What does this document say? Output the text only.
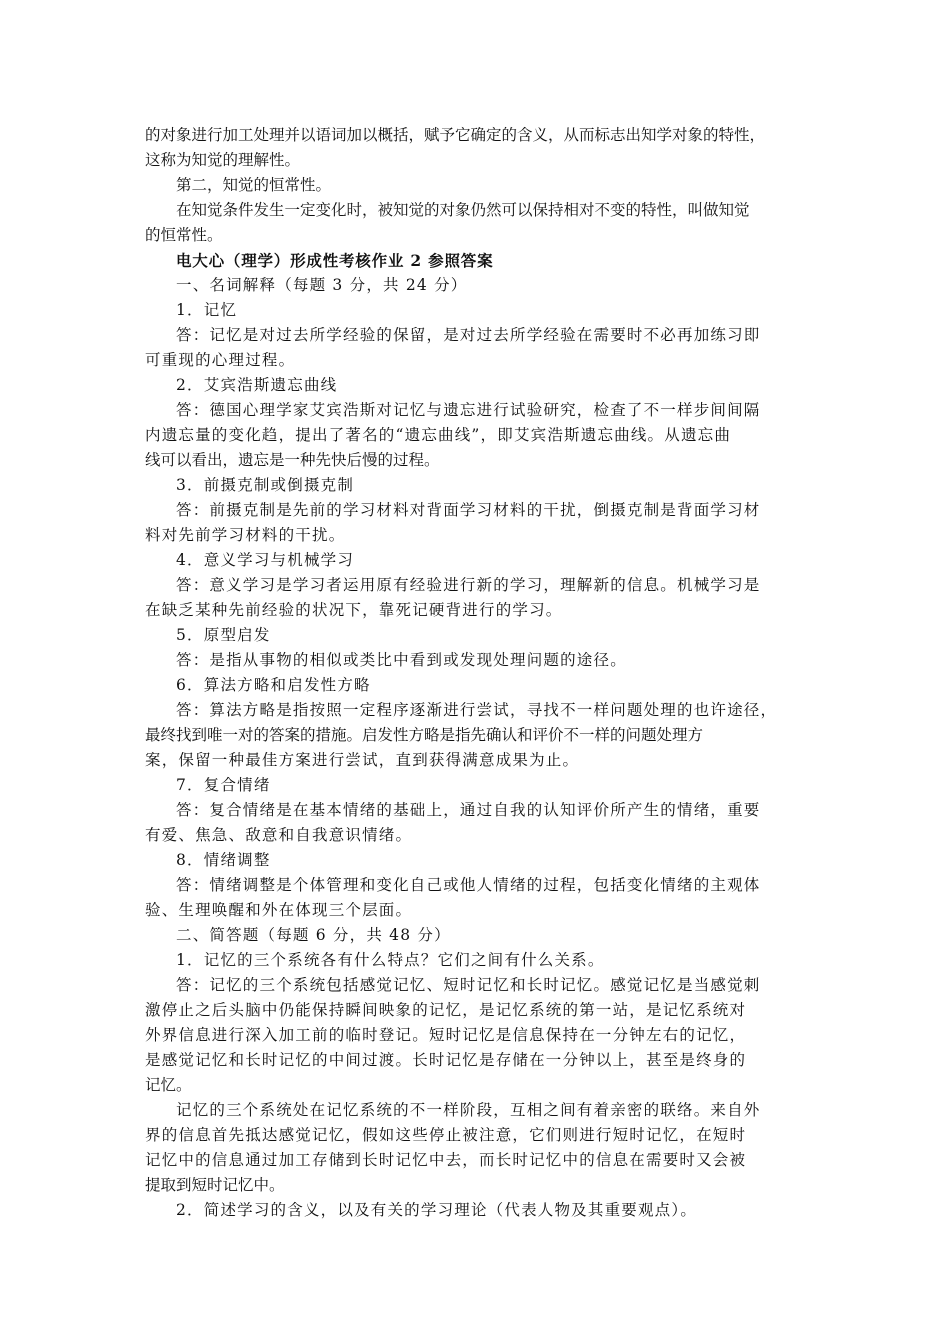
的对象进行加工处理并以语词加以概括，赋予它确定的含义，从而标志出知学对象的特性，
这称为知觉的理解性。
第二，知觉的恒常性。
在知觉条件发生一定变化时，被知觉的对象仍然可以保持相对不变的特性，叫做知觉
的恒常性。
电大心（理学）形成性考核作业 2 参照答案
一、名词解释（每题 3 分，共 24 分）
1．记忆
答：记忆是对过去所学经验的保留，是对过去所学经验在需要时不必再加练习即
可重现的心理过程。
2．艾宾浩斯遗忘曲线
答：德国心理学家艾宾浩斯对记忆与遗忘进行试验研究，检查了不一样步间间隔
内遗忘量的变化趋，提出了著名的“遗忘曲线”，即艾宾浩斯遗忘曲线。从遗忘曲
线可以看出，遗忘是一种先快后慢的过程。
3．前摄克制或倒摄克制
答：前摄克制是先前的学习材料对背面学习材料的干扰，倒摄克制是背面学习材
料对先前学习材料的干扰。
4．意义学习与机械学习
答：意义学习是学习者运用原有经验进行新的学习，理解新的信息。机械学习是
在缺乏某种先前经验的状况下，靠死记硬背进行的学习。
5．原型启发
答：是指从事物的相似或类比中看到或发现处理问题的途径。
6．算法方略和启发性方略
答：算法方略是指按照一定程序逐渐进行尝试，寻找不一样问题处理的也许途径，
最终找到唯一对的答案的措施。启发性方略是指先确认和评价不一样的问题处理方
案，保留一种最佳方案进行尝试，直到获得满意成果为止。
7．复合情绪
答：复合情绪是在基本情绪的基础上，通过自我的认知评价所产生的情绪，重要
有爱、焦急、敌意和自我意识情绪。
8．情绪调整
答：情绪调整是个体管理和变化自己或他人情绪的过程，包括变化情绪的主观体
验、生理唤醒和外在体现三个层面。
二、简答题（每题 6 分，共 48 分）
1．记忆的三个系统各有什么特点？它们之间有什么关系。
答：记忆的三个系统包括感觉记忆、短时记忆和长时记忆。感觉记忆是当感觉刺
激停止之后头脑中仍能保持瞬间映象的记忆，是记忆系统的第一站，是记忆系统对
外界信息进行深入加工前的临时登记。短时记忆是信息保持在一分钟左右的记忆，
是感觉记忆和长时记忆的中间过渡。长时记忆是存储在一分钟以上，甚至是终身的
记忆。
记忆的三个系统处在记忆系统的不一样阶段，互相之间有着亲密的联络。来自外
界的信息首先抵达感觉记忆，假如这些停止被注意，它们则进行短时记忆，在短时
记忆中的信息通过加工存储到长时记忆中去，而长时记忆中的信息在需要时又会被
提取到短时记忆中。
2．简述学习的含义，以及有关的学习理论（代表人物及其重要观点）。
